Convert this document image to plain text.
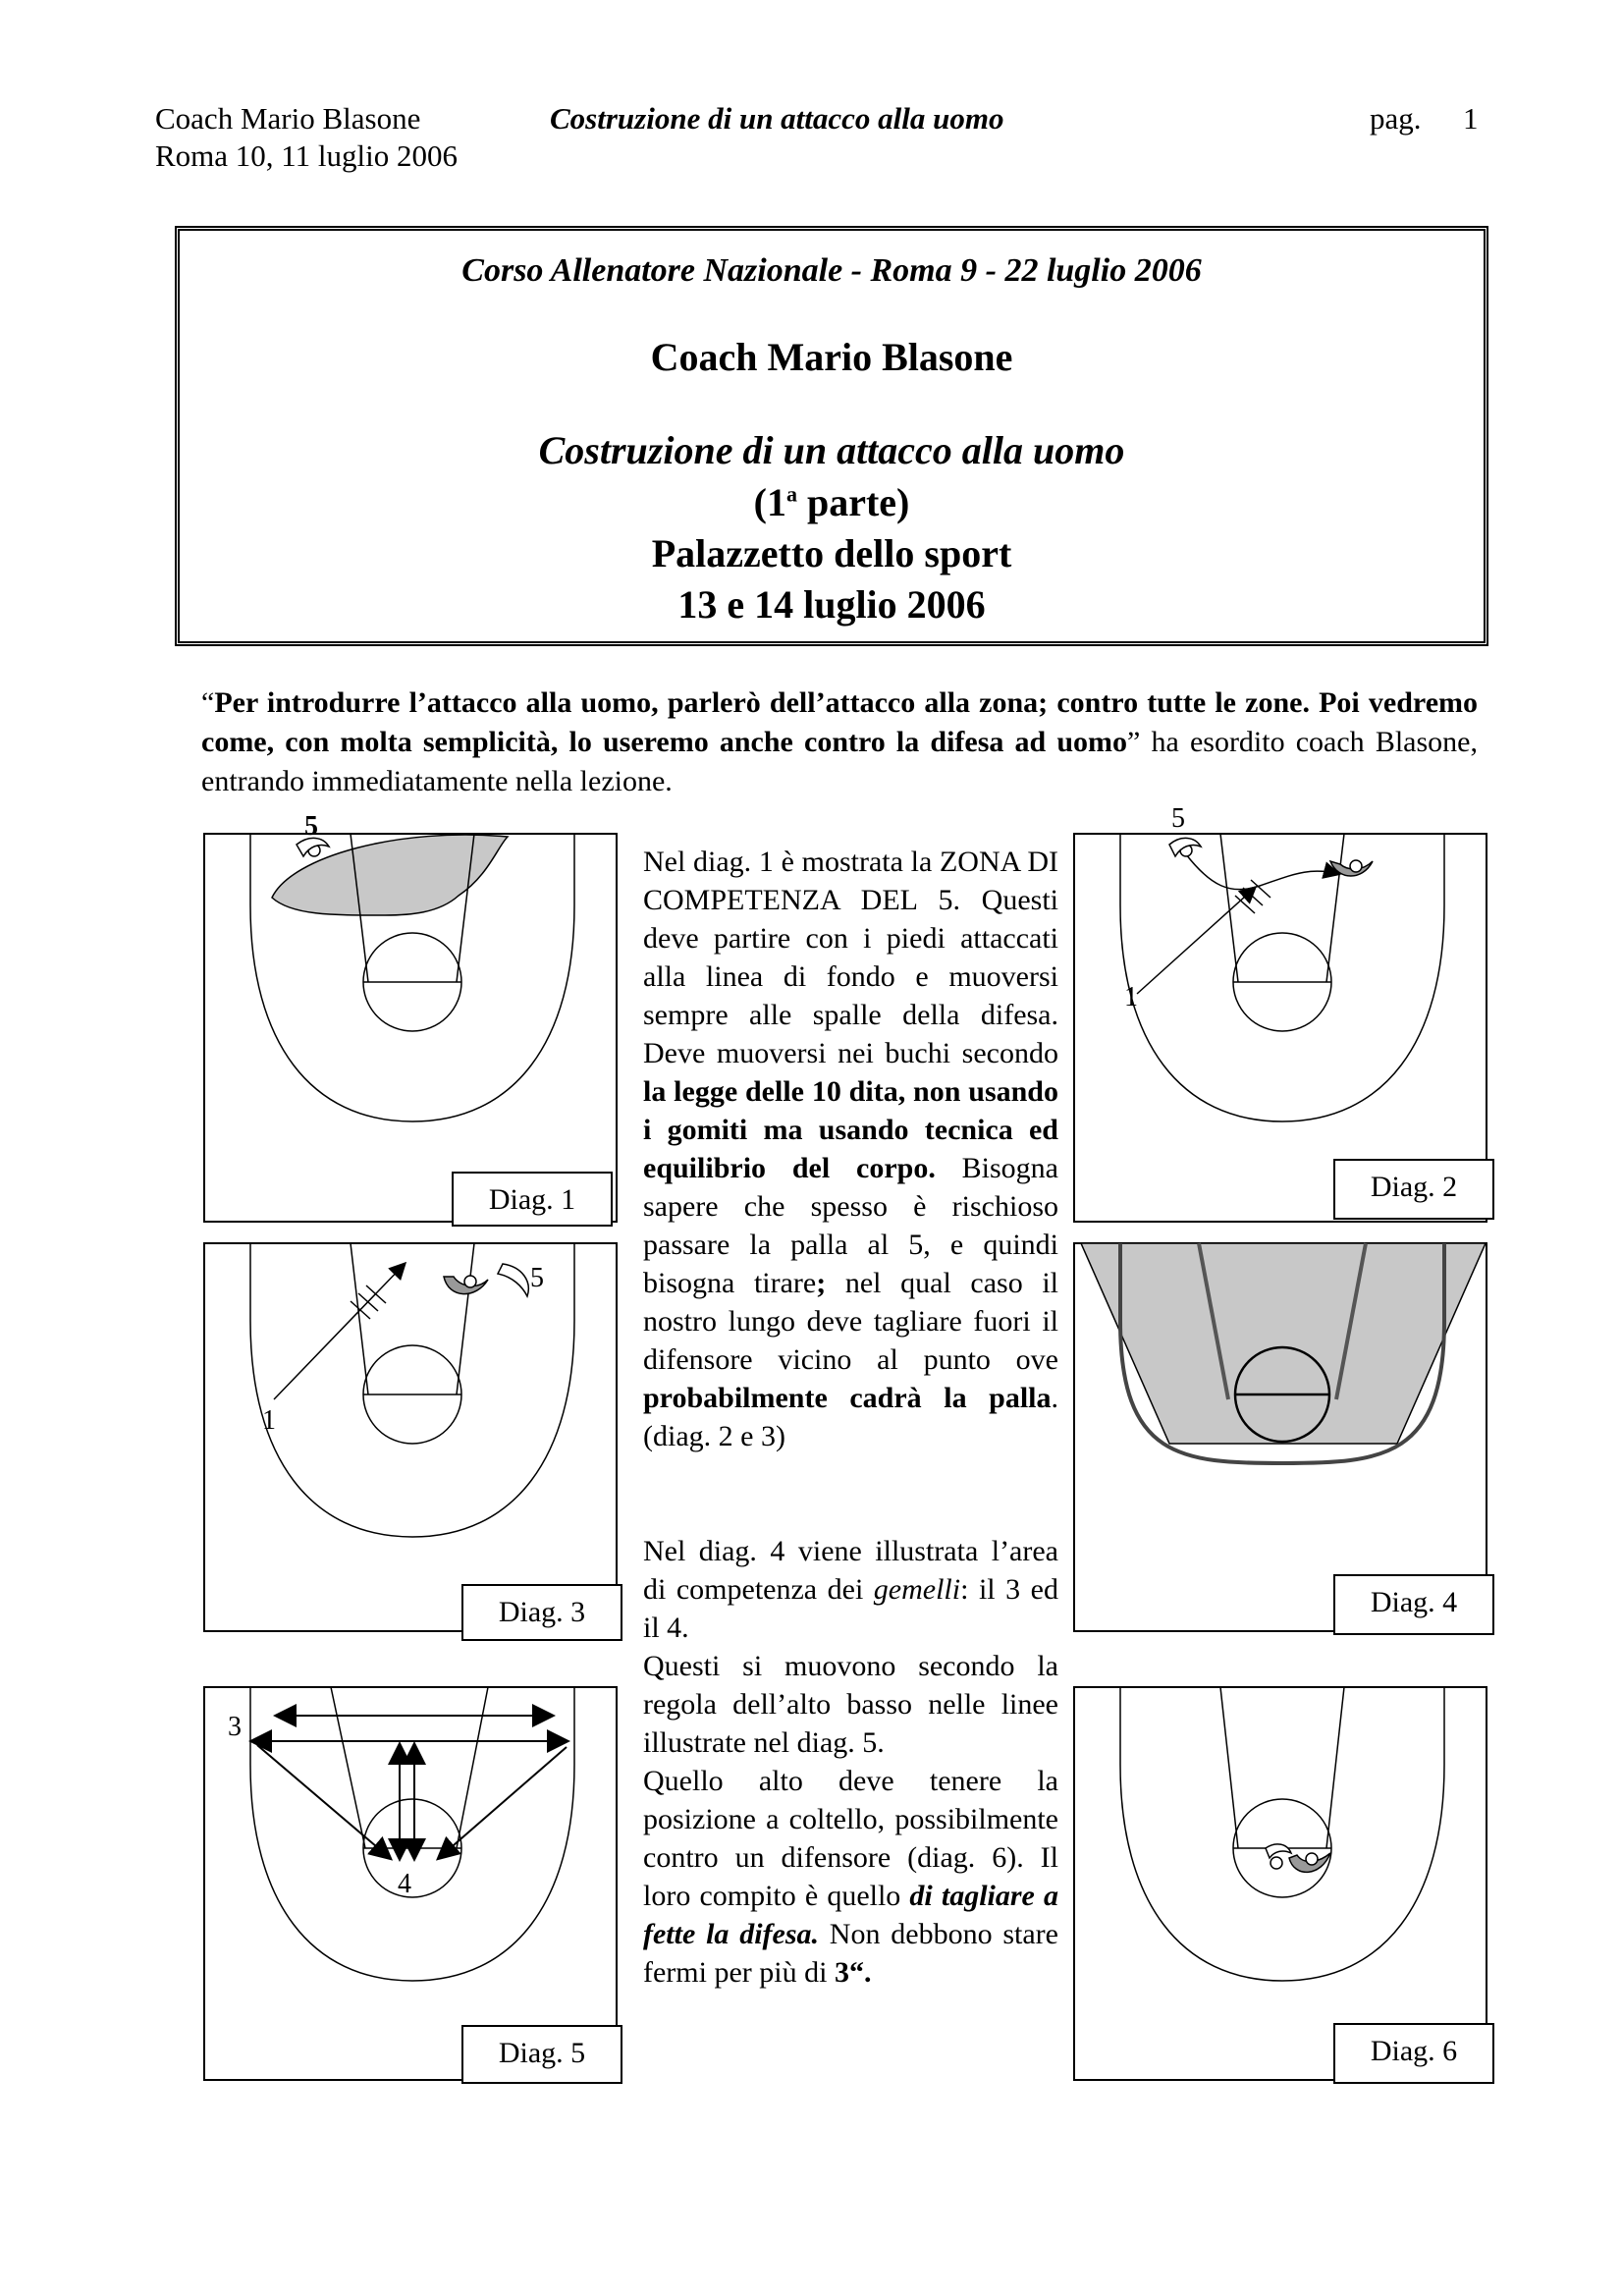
Coach Mario Blasone	Costruzione di un attacco alla uomo	pag. 1
Roma 10, 11 luglio 2006
Corso Allenatore Nazionale - Roma 9 - 22 luglio 2006
Coach Mario Blasone
Costruzione di un attacco alla uomo
(1$^a$ parte)
Palazzetto dello sport
13 e 14 luglio 2006
“Per introdurre l’attacco alla uomo, parlerò dell’attacco alla zona; contro tutte le zone. Poi vedremo come, con molta semplicità, lo useremo anche contro la difesa ad uomo” ha esordito coach Blasone, entrando immediatamente nella lezione.
Nel diag. 1 è mostrata la ZONA DI COMPETENZA DEL 5. Questi deve partire con i piedi attaccati alla linea di fondo e muoversi sempre alle spalle della difesa. Deve muoversi nei buchi secondo la legge delle 10 dita, non usando i gomiti ma usando tecnica ed equilibrio del corpo. Bisogna sapere che spesso è rischioso passare la palla al 5, e quindi bisogna tirare; nel qual caso il nostro lungo deve tagliare fuori il difensore vicino al punto ove probabilmente cadrà la palla.(diag. 2 e 3)
Nel diag. 4 viene illustrata l’area di competenza dei gemelli: il 3 ed il 4.
Questi si muovono secondo la regola dell’alto basso nelle linee illustrate nel diag. 5.
Quello alto deve tenere la posizione a coltello, possibilmente contro un difensore (diag. 6). Il loro compito è quello di tagliare a fette la difesa. Non debbono stare fermi per più di 3“.
5
Diag. 1
5
1
Diag. 2
5
1
Diag. 3	Diag. 4
3
4
Diag. 5	Diag. 6
